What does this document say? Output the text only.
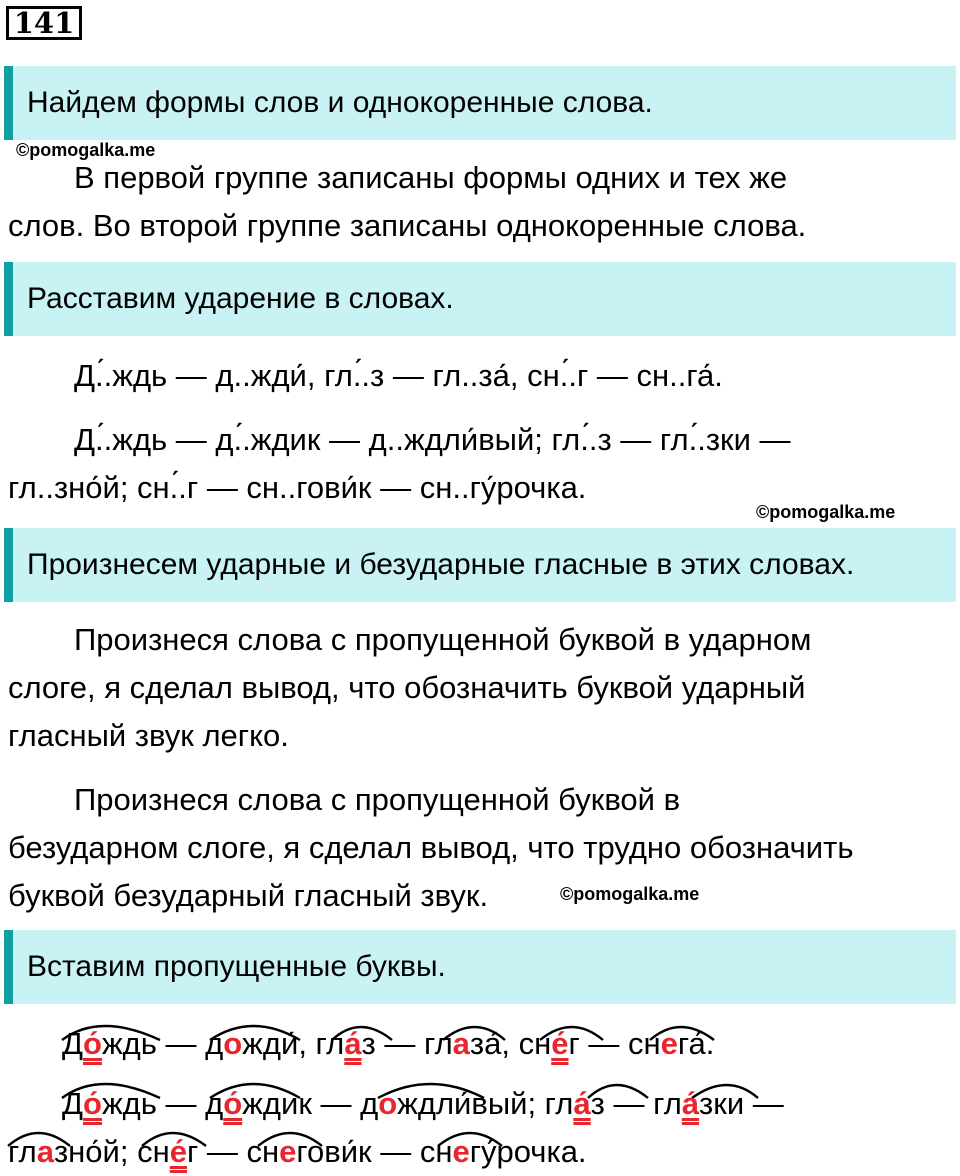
141
Найдем формы слов и однокоренные слова.
©pomogalka.me
В первой группе записаны формы одних и тех же
слов. Во второй группе записаны однокоренные слова.
Расставим ударение в словах.
Д.́.ждь — д..жди́, гл.́.з — гл..за́, сн.́.г — сн..га́.
Д.́.ждь — д.́.ждик — д..ждли́вый; гл.́.з — гл.́.зки —
гл..зно́й; сн.́.г — сн..гови́к — сн..гу́рочка.
©pomogalka.me
Произнесем ударные и безударные гласные в этих словах.
Произнеся слова с пропущенной буквой в ударном
слоге, я сделал вывод, что обозначить буквой ударный
гласный звук легко.
Произнеся слова с пропущенной буквой в
безударном слоге, я сделал вывод, что трудно обозначить
буквой безударный гласный звук.	©pomogalka.me
Вставим пропущенные буквы.
До́ждь — дожди́, гла́з — глаза́, сне́г — снега́.
До́ждь — до́ждик — дождли́вый; гла́з — гла́зки —
глазно́й; сне́г — снегови́к — снегу́рочка.
